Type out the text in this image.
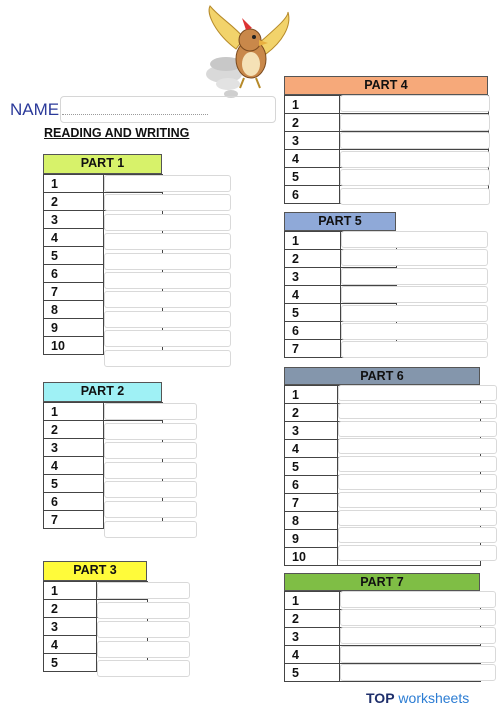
NAME
READING AND WRITING
PART 1
1	
2	
3	
4	
5	
6	
7	
8	
9	
10	
PART 2
1	
2	
3	
4	
5	
6	
7	
PART 3
1	
2	
3	
4	
5	
PART 4
1	
2	
3	
4	
5	
6	
PART 5
1	
2	
3	
4	
5	
6	
7	
PART 6
1	
2	
3	
4	
5	
6	
7	
8	
9	
10	
PART 7
1	
2	
3	
4	
5	
TOP worksheets
